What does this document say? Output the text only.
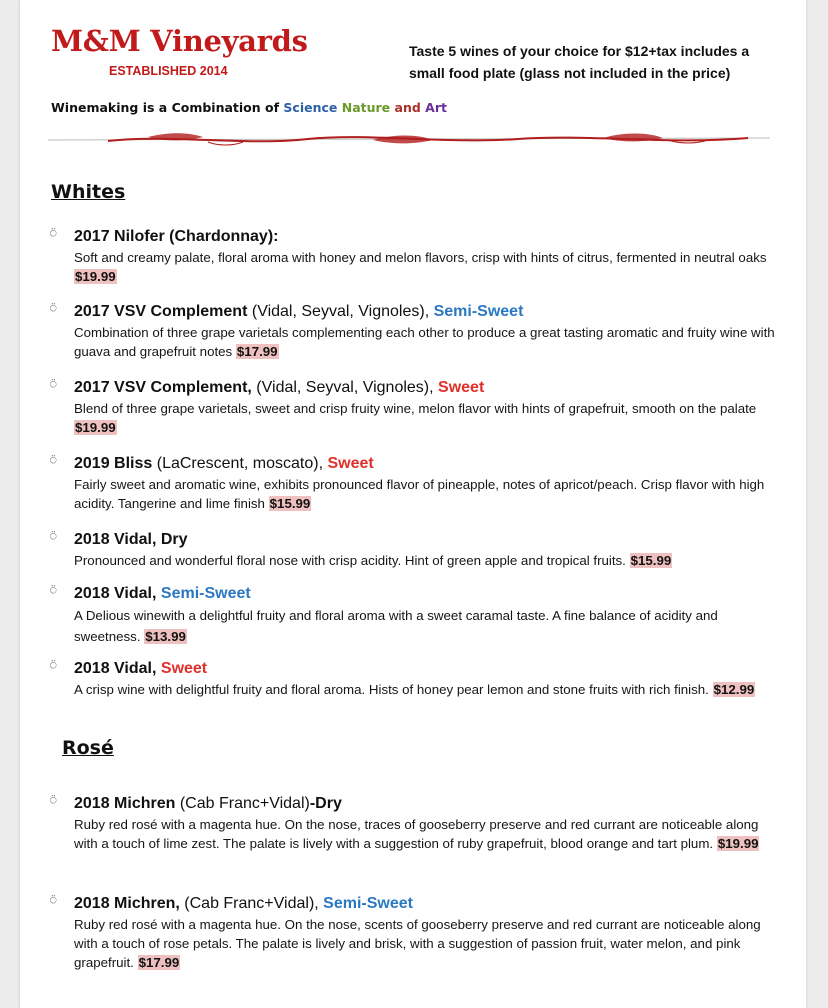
M&M Vineyards
ESTABLISHED 2014
Taste 5 wines of your choice for $12+tax includes a
small food plate (glass not included in the price)
Winemaking is a Combination of Science Nature and Art
Whites
⍥ 2017 Nilofer (Chardonnay):
Soft and creamy palate, floral aroma with honey and melon flavors, crisp with hints of citrus, fermented in neutral oaks $19.99
⍥ 2017 VSV Complement (Vidal, Seyval, Vignoles), Semi-Sweet
Combination of three grape varietals complementing each other to produce a great tasting aromatic and fruity wine with guava and grapefruit notes $17.99
⍥ 2017 VSV Complement, (Vidal, Seyval, Vignoles), Sweet
Blend of three grape varietals, sweet and crisp fruity wine, melon flavor with hints of grapefruit, smooth on the palate $19.99
⍥ 2019 Bliss (LaCrescent, moscato), Sweet
Fairly sweet and aromatic wine, exhibits pronounced flavor of pineapple, notes of apricot/peach. Crisp flavor with high acidity. Tangerine and lime finish $15.99
⍥ 2018 Vidal, Dry
Pronounced and wonderful floral nose with crisp acidity. Hint of green apple and tropical fruits. $15.99
⍥ 2018 Vidal, Semi-Sweet
A Delious winewith a delightful fruity and floral aroma with a sweet caramal taste. A fine balance of acidity and sweetness. $13.99
⍥ 2018 Vidal, Sweet
A crisp wine with delightful fruity and floral aroma. Hists of honey pear lemon and stone fruits with rich finish. $12.99
Rosé
⍥ 2018 Michren (Cab Franc+Vidal)-Dry
Ruby red rosé with a magenta hue. On the nose, traces of gooseberry preserve and red currant are noticeable along with a touch of lime zest. The palate is lively with a suggestion of ruby grapefruit, blood orange and tart plum. $19.99
⍥ 2018 Michren, (Cab Franc+Vidal), Semi-Sweet
Ruby red rosé with a magenta hue. On the nose, scents of gooseberry preserve and red currant are noticeable along with a touch of rose petals. The palate is lively and brisk, with a suggestion of passion fruit, water melon, and pink grapefruit. $17.99
